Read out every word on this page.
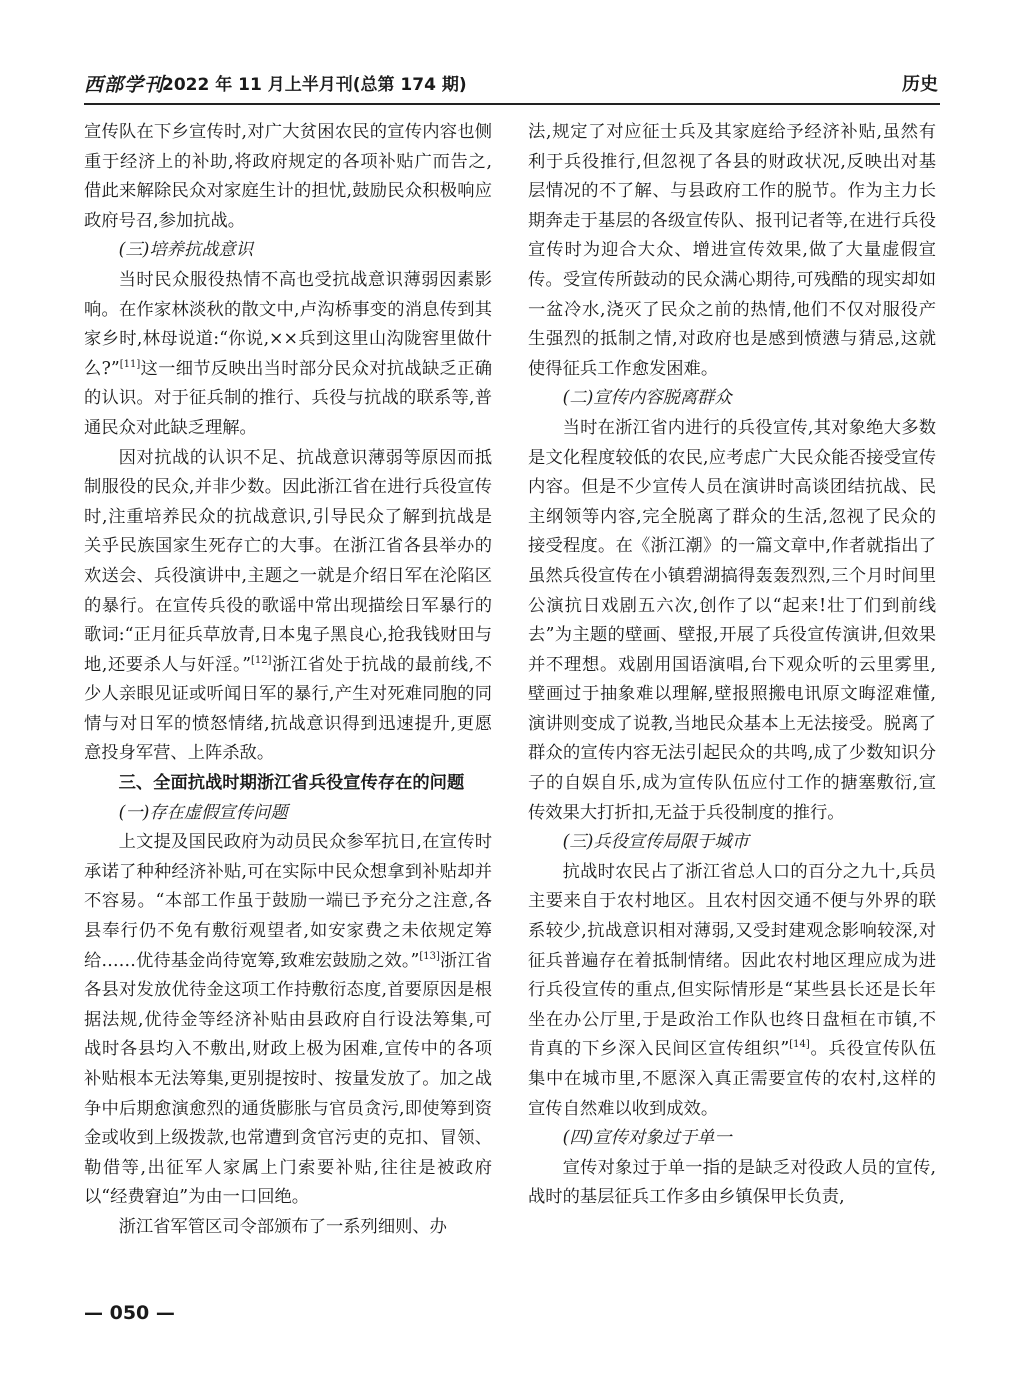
西部学刊
2022 年 11 月上半月刊(总第 174 期)	历史

宣传队在下乡宣传时,对广大贫困农民的宣传内容也侧重于经济上的补助,将政府规定的各项补贴广而告之,借此来解除民众对家庭生计的担忧,鼓励民众积极响应政府号召,参加抗战。

(三)培养抗战意识

当时民众服役热情不高也受抗战意识薄弱因素影响。在作家林淡秋的散文中,卢沟桥事变的消息传到其家乡时,林母说道:“你说,××兵到这里山沟陇窖里做什么?”[11]这一细节反映出当时部分民众对抗战缺乏正确的认识。对于征兵制的推行、兵役与抗战的联系等,普通民众对此缺乏理解。

因对抗战的认识不足、抗战意识薄弱等原因而抵制服役的民众,并非少数。因此浙江省在进行兵役宣传时,注重培养民众的抗战意识,引导民众了解到抗战是关乎民族国家生死存亡的大事。在浙江省各县举办的欢送会、兵役演讲中,主题之一就是介绍日军在沦陷区的暴行。在宣传兵役的歌谣中常出现描绘日军暴行的歌词:“正月征兵草放青,日本鬼子黑良心,抢我钱财田与地,还要杀人与奸淫。”[12]浙江省处于抗战的最前线,不少人亲眼见证或听闻日军的暴行,产生对死难同胞的同情与对日军的愤怒情绪,抗战意识得到迅速提升,更愿意投身军营、上阵杀敌。

三、全面抗战时期浙江省兵役宣传存在的问题
(一)存在虚假宣传问题

上文提及国民政府为动员民众参军抗日,在宣传时承诺了种种经济补贴,可在实际中民众想拿到补贴却并不容易。“本部工作虽于鼓励一端已予充分之注意,各县奉行仍不免有敷衍观望者,如安家费之未依规定筹给……优待基金尚待宽筹,致难宏鼓励之效。”[13]浙江省各县对发放优待金这项工作持敷衍态度,首要原因是根据法规,优待金等经济补贴由县政府自行设法筹集,可战时各县均入不敷出,财政上极为困难,宣传中的各项补贴根本无法筹集,更别提按时、按量发放了。加之战争中后期愈演愈烈的通货膨胀与官员贪污,即使筹到资金或收到上级拨款,也常遭到贪官污吏的克扣、冒领、勒借等,出征军人家属上门索要补贴,往往是被政府以“经费窘迫”为由一口回绝。

浙江省军管区司令部颁布了一系列细则、办

法,规定了对应征士兵及其家庭给予经济补贴,虽然有利于兵役推行,但忽视了各县的财政状况,反映出对基层情况的不了解、与县政府工作的脱节。作为主力长期奔走于基层的各级宣传队、报刊记者等,在进行兵役宣传时为迎合大众、增进宣传效果,做了大量虚假宣传。受宣传所鼓动的民众满心期待,可残酷的现实却如一盆冷水,浇灭了民众之前的热情,他们不仅对服役产生强烈的抵制之情,对政府也是感到愤懑与猜忌,这就使得征兵工作愈发困难。

(二)宣传内容脱离群众

当时在浙江省内进行的兵役宣传,其对象绝大多数是文化程度较低的农民,应考虑广大民众能否接受宣传内容。但是不少宣传人员在演讲时高谈团结抗战、民主纲领等内容,完全脱离了群众的生活,忽视了民众的接受程度。在《浙江潮》的一篇文章中,作者就指出了虽然兵役宣传在小镇碧湖搞得轰轰烈烈,三个月时间里公演抗日戏剧五六次,创作了以“起来!壮丁们到前线去”为主题的壁画、壁报,开展了兵役宣传演讲,但效果并不理想。戏剧用国语演唱,台下观众听的云里雾里,壁画过于抽象难以理解,壁报照搬电讯原文晦涩难懂,演讲则变成了说教,当地民众基本上无法接受。脱离了群众的宣传内容无法引起民众的共鸣,成了少数知识分子的自娱自乐,成为宣传队伍应付工作的搪塞敷衍,宣传效果大打折扣,无益于兵役制度的推行。

(三)兵役宣传局限于城市

抗战时农民占了浙江省总人口的百分之九十,兵员主要来自于农村地区。且农村因交通不便与外界的联系较少,抗战意识相对薄弱,又受封建观念影响较深,对征兵普遍存在着抵制情绪。因此农村地区理应成为进行兵役宣传的重点,但实际情形是“某些县长还是长年坐在办公厅里,于是政治工作队也终日盘桓在市镇,不肯真的下乡深入民间区宣传组织”[14]。兵役宣传队伍集中在城市里,不愿深入真正需要宣传的农村,这样的宣传自然难以收到成效。

(四)宣传对象过于单一

宣传对象过于单一指的是缺乏对役政人员的宣传,战时的基层征兵工作多由乡镇保甲长负责,

— 050 —
